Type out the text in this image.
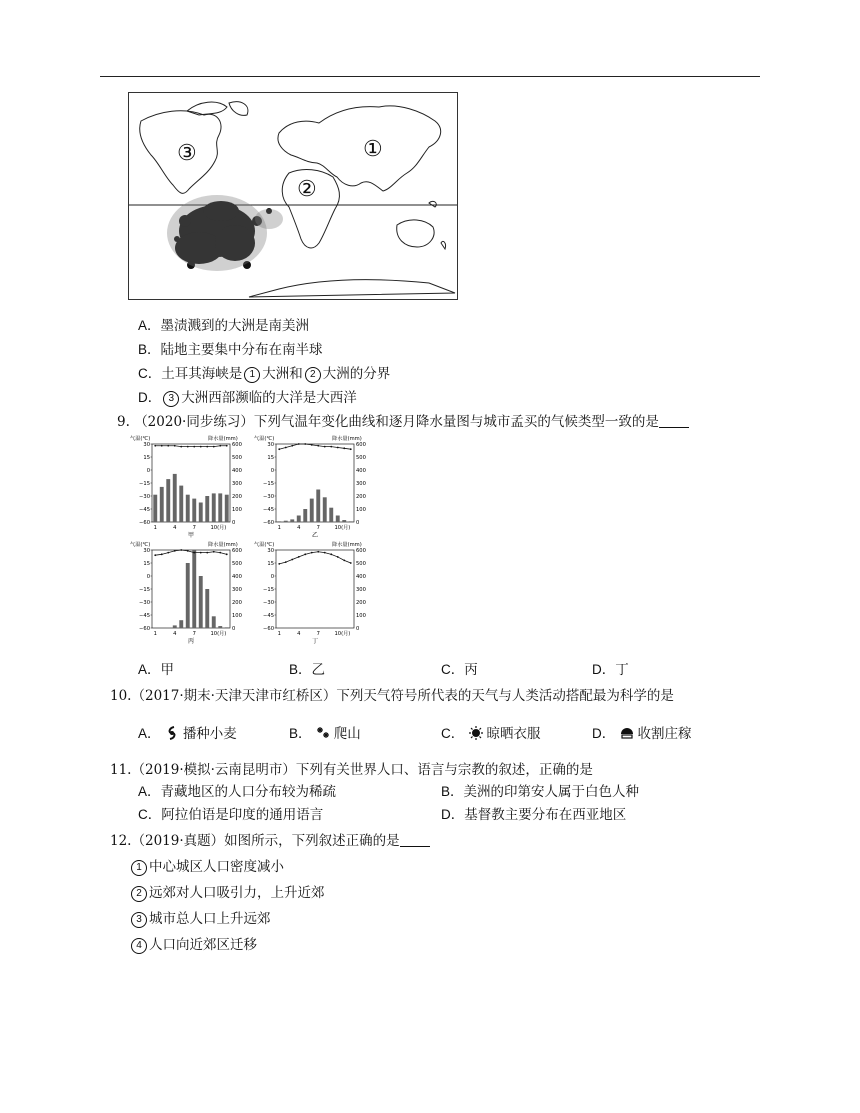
③	①
②
A．墨渍溅到的大洲是南美洲
B．陆地主要集中分布在南半球
C．土耳其海峡是 1 大洲和 2 大洲的分界
D． 3 大洲西部濒临的大洋是大西洋
9. （2020·同步练习）下列气温年变化曲线和逐月降水量图与城市孟买的气候类型一致的是
气温(℃)	降水量(mm)
30
15
0
−15
−30
−45
−60
600
500
400
300
200
100
0
1	4	7	10(月)
甲
气温(℃)	降水量(mm)
30
15
0
−15
−30
−45
−60
600
500
400
300
200
100
0
1	4	7	10(月)
乙
气温(℃)	降水量(mm)
30
15
0
−15
−30
−45
−60
600
500
400
300
200
100
0
1	4	7	10(月)
丙
气温(℃)	降水量(mm)
30
15
0
−15
−30
−45
−60
600
500
400
300
200
100
0
1	4	7	10(月)
丁
A．甲	B．乙	C．丙	D．丁
10.（2017·期末·天津天津市红桥区）下列天气符号所代表的天气与人类活动搭配最为科学的是
A． 播种小麦	B． 爬山	C． 晾晒衣服	D． 收割庄稼
11.（2019·模拟·云南昆明市）下列有关世界人口、语言与宗教的叙述，正确的是
A．青藏地区的人口分布较为稀疏	B．美洲的印第安人属于白色人种
C．阿拉伯语是印度的通用语言	D．基督教主要分布在西亚地区
12.（2019·真题）如图所示，下列叙述正确的是
1 中心城区人口密度减小
2 远郊对人口吸引力，上升近郊
3 城市总人口上升远郊
4 人口向近郊区迁移
